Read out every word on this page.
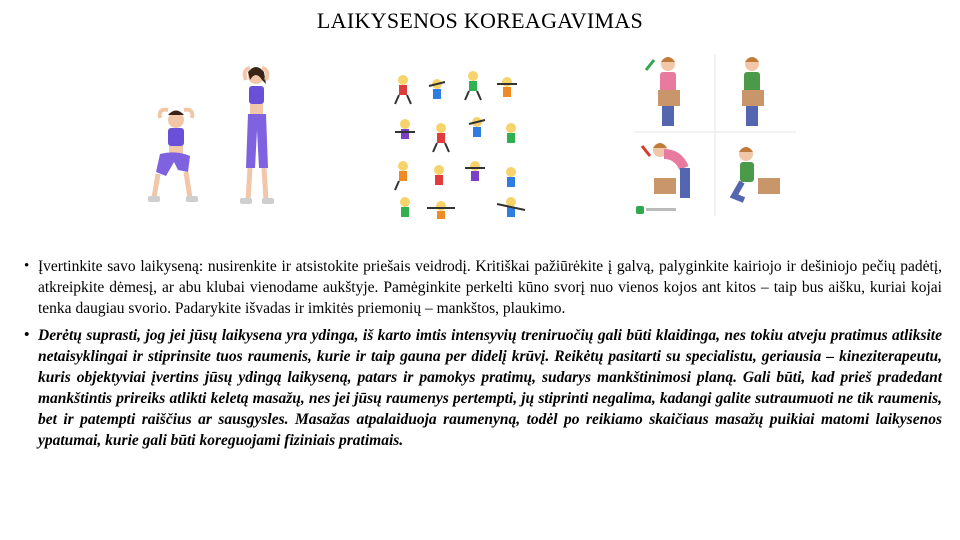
LAIKYSENOS KOREAGAVIMAS
• Įvertinkite savo laikyseną: nusirenkite ir atsistokite priešais veidrodį. Kritiškai pažiūrėkite į galvą, palyginkite kairiojo ir dešiniojo pečių padėtį, atkreipkite dėmesį, ar abu klubai vienodame aukštyje. Pamėginkite perkelti kūno svorį nuo vienos kojos ant kitos – taip bus aišku, kuriai kojai tenka daugiau svorio. Padarykite išvadas ir imkitės priemonių – mankštos, plaukimo.
• Derėtų suprasti, jog jei jūsų laikysena yra ydinga, iš karto imtis intensyvių treniruočių gali būti klaidinga, nes tokiu atveju pratimus atliksite netaisyklingai ir stiprinsite tuos raumenis, kurie ir taip gauna per didelį krūvį. Reikėtų pasitarti su specialistu, geriausia – kineziterapeutu, kuris objektyviai įvertins jūsų ydingą laikyseną, patars ir pamokys pratimų, sudarys mankštinimosi planą. Gali būti, kad prieš pradedant mankštintis prireiks atlikti keletą masažų, nes jei jūsų raumenys pertempti, jų stiprinti negalima, kadangi galite sutraumuoti ne tik raumenis, bet ir patempti raiščius ar sausgysles. Masažas atpalaiduoja raumenyną, todėl po reikiamo skaičiaus masažų puikiai matomi laikysenos ypatumai, kurie gali būti koreguojami fiziniais pratimais.
